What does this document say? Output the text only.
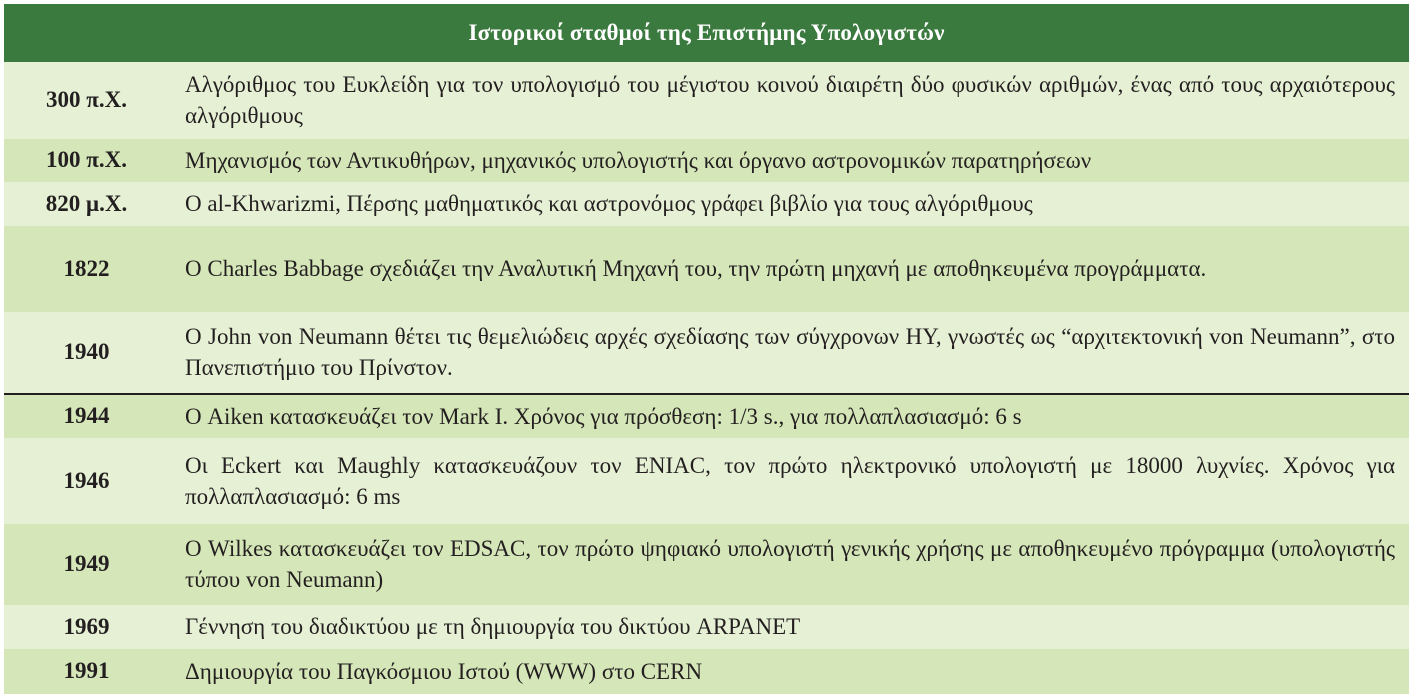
Ιστορικοί σταθμοί της Επιστήμης Υπολογιστών	
300 π.Χ.	Αλγόριθμος του Ευκλείδη για τον υπολογισμό του μέγιστου κοινού διαιρέτη δύο φυσικών αριθμών, ένας από τους αρχαιότερους αλγόριθμους
100 π.Χ.	Μηχανισμός των Αντικυθήρων, μηχανικός υπολογιστής και όργανο αστρονομικών παρατηρήσεων
820 μ.Χ.	Ο al-Khwarizmi, Πέρσης μαθηματικός και αστρονόμος γράφει βιβλίο για τους αλγόριθμους
1822	Ο Charles Babbage σχεδιάζει την Αναλυτική Μηχανή του, την πρώτη μηχανή με αποθηκευμένα προγράμματα.
1940	Ο John von Neumann θέτει τις θεμελιώδεις αρχές σχεδίασης των σύγχρονων ΗΥ, γνωστές ως “αρχιτεκτονική von Neumann”, στο Πανεπιστήμιο του Πρίνστον.
1944	Ο Aiken κατασκευάζει τον Mark I. Χρόνος για πρόσθεση: 1/3 s., για πολλαπλασιασμό: 6 s
1946	Οι Eckert και Maughly κατασκευάζουν τον ENIAC, τον πρώτο ηλεκτρονικό υπολογιστή με 18000 λυχνίες. Χρόνος για πολλαπλασιασμό: 6 ms
1949	Ο Wilkes κατασκευάζει τον EDSAC, τον πρώτο ψηφιακό υπολογιστή γενικής χρήσης με αποθηκευμένο πρόγραμμα (υπολογιστής τύπου von Neumann)
1969	Γέννηση του διαδικτύου με τη δημιουργία του δικτύου ARPANET
1991	Δημιουργία του Παγκόσμιου Ιστού (WWW) στο CERN
